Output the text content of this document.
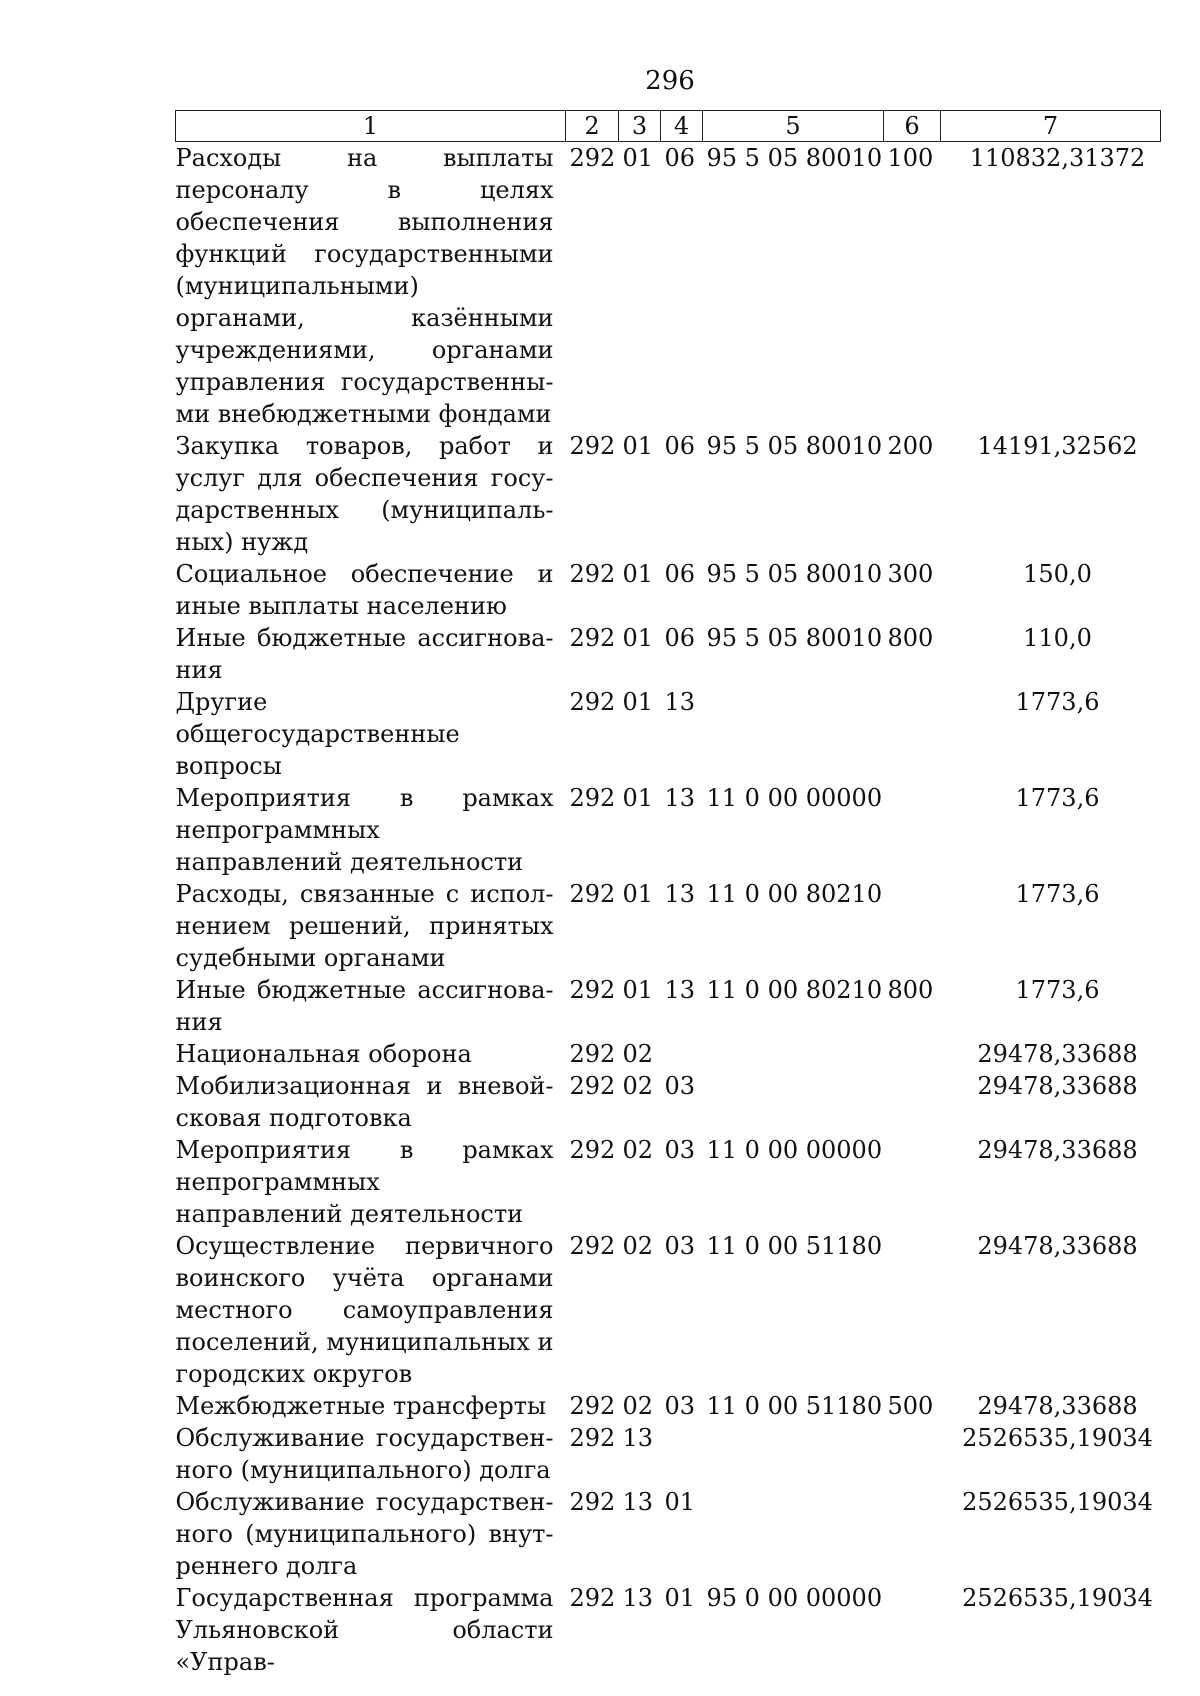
296
1	2	3	4	5	6	7
Расходы на выплаты персоналу в целях обеспечения выполнения функций государственными (муниципальными) органами, казёнными учреждениями, органами управления государственными внебюджетными фондами	292	01	06	95 5 05 80010	100	110832,31372
Закупка товаров, работ и услуг для обеспечения государственных (муниципальных) нужд	292	01	06	95 5 05 80010	200	14191,32562
Социальное обеспечение и иные выплаты населению	292	01	06	95 5 05 80010	300	150,0
Иные бюджетные ассигнования	292	01	06	95 5 05 80010	800	110,0
Другие общегосударственные вопросы	292	01	13			1773,6
Мероприятия в рамках непрограммных направлений деятельности	292	01	13	11 0 00 00000		1773,6
Расходы, связанные с исполнением решений, принятых судебными органами	292	01	13	11 0 00 80210		1773,6
Иные бюджетные ассигнования	292	01	13	11 0 00 80210	800	1773,6
Национальная оборона	292	02				29478,33688
Мобилизационная и вневойсковая подготовка	292	02	03			29478,33688
Мероприятия в рамках непрограммных направлений деятельности	292	02	03	11 0 00 00000		29478,33688
Осуществление первичного воинского учёта органами местного самоуправления поселений, муниципальных и городских округов	292	02	03	11 0 00 51180		29478,33688
Межбюджетные трансферты	292	02	03	11 0 00 51180	500	29478,33688
Обслуживание государственного (муниципального) долга	292	13				2526535,19034
Обслуживание государственного (муниципального) внутреннего долга	292	13	01			2526535,19034
Государственная программа Ульяновской области «Управ-	292	13	01	95 0 00 00000		2526535,19034
